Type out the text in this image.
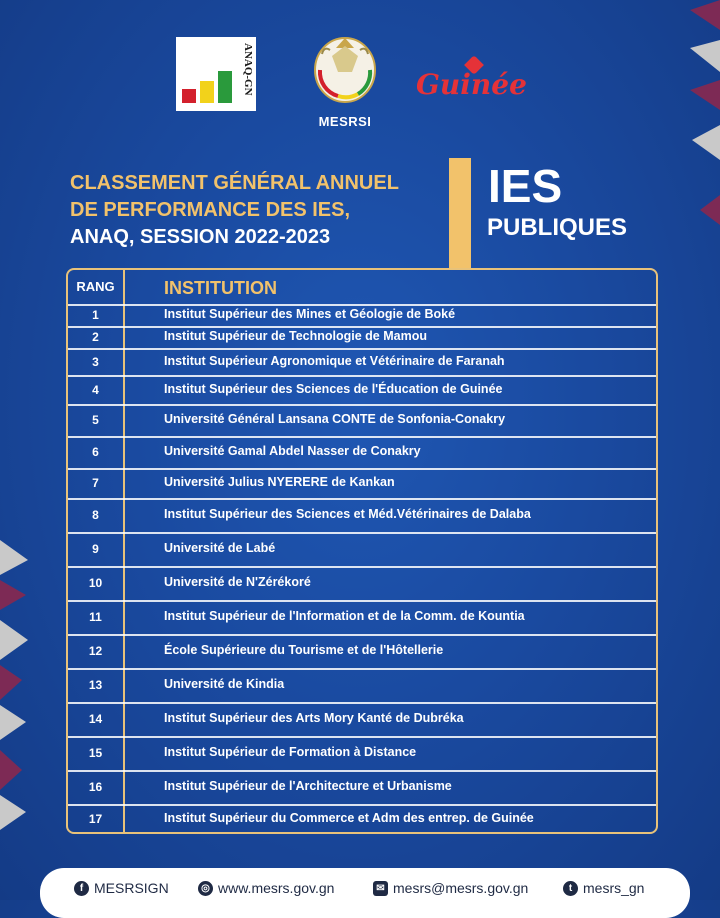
ANAQ-GN
MESRSI
Guinée
CLASSEMENT GÉNÉRAL ANNUEL
DE PERFORMANCE DES IES,
ANAQ, SESSION 2022-2023
IES
PUBLIQUES
RANG	INSTITUTION
1	Institut Supérieur des Mines et Géologie de Boké
2	Institut Supérieur de Technologie de Mamou
3	Institut Supérieur Agronomique et Vétérinaire de Faranah
4	Institut Supérieur des Sciences de l'Éducation de Guinée
5	Université Général Lansana CONTE de Sonfonia-Conakry
6	Université Gamal Abdel Nasser de Conakry
7	Université Julius NYERERE de Kankan
8	Institut Supérieur des Sciences et Méd.Vétérinaires de Dalaba
9	Université de Labé
10	Université de N'Zérékoré
11	Institut Supérieur de l'Information et de la Comm. de Kountia
12	École Supérieure du Tourisme et de l'Hôtellerie
13	Université de Kindia
14	Institut Supérieur des Arts Mory Kanté de Dubréka
15	Institut Supérieur de Formation à Distance
16	Institut Supérieur de l'Architecture et Urbanisme
17	Institut Supérieur du Commerce et Adm des entrep. de Guinée
f MESRSIGN	◎ www.mesrs.gov.gn	✉ mesrs@mesrs.gov.gn	t mesrs_gn
